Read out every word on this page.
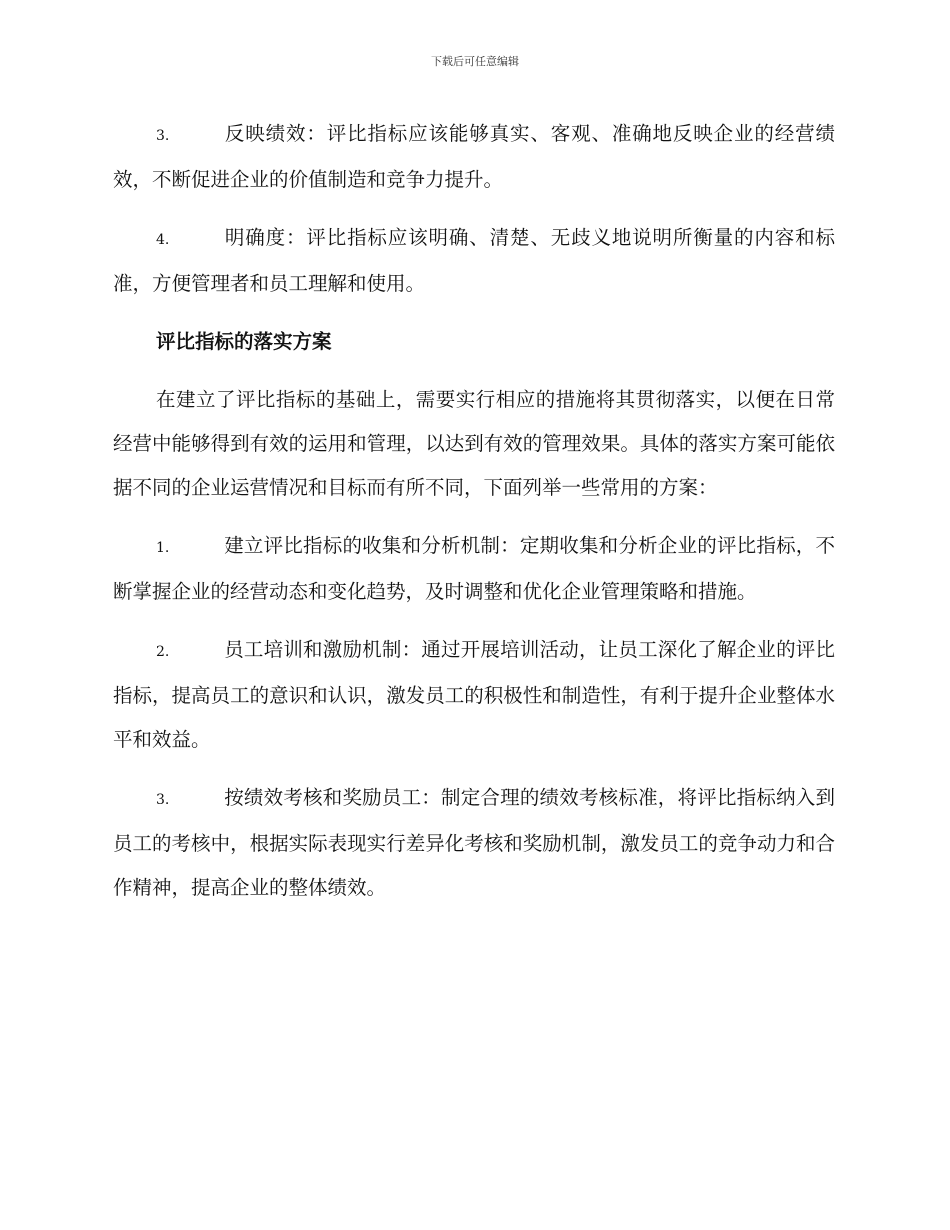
下载后可任意编辑

3.	反映绩效：评比指标应该能够真实、客观、准确地反映企业的经营绩效，不断促进企业的价值制造和竞争力提升。

4.	明确度：评比指标应该明确、清楚、无歧义地说明所衡量的内容和标准，方便管理者和员工理解和使用。

评比指标的落实方案

在建立了评比指标的基础上，需要实行相应的措施将其贯彻落实，以便在日常经营中能够得到有效的运用和管理，以达到有效的管理效果。具体的落实方案可能依据不同的企业运营情况和目标而有所不同，下面列举一些常用的方案：

1.	建立评比指标的收集和分析机制：定期收集和分析企业的评比指标，不断掌握企业的经营动态和变化趋势，及时调整和优化企业管理策略和措施。

2.	员工培训和激励机制：通过开展培训活动，让员工深化了解企业的评比指标，提高员工的意识和认识，激发员工的积极性和制造性，有利于提升企业整体水平和效益。

3.	按绩效考核和奖励员工：制定合理的绩效考核标准，将评比指标纳入到员工的考核中，根据实际表现实行差异化考核和奖励机制，激发员工的竞争动力和合作精神，提高企业的整体绩效。
